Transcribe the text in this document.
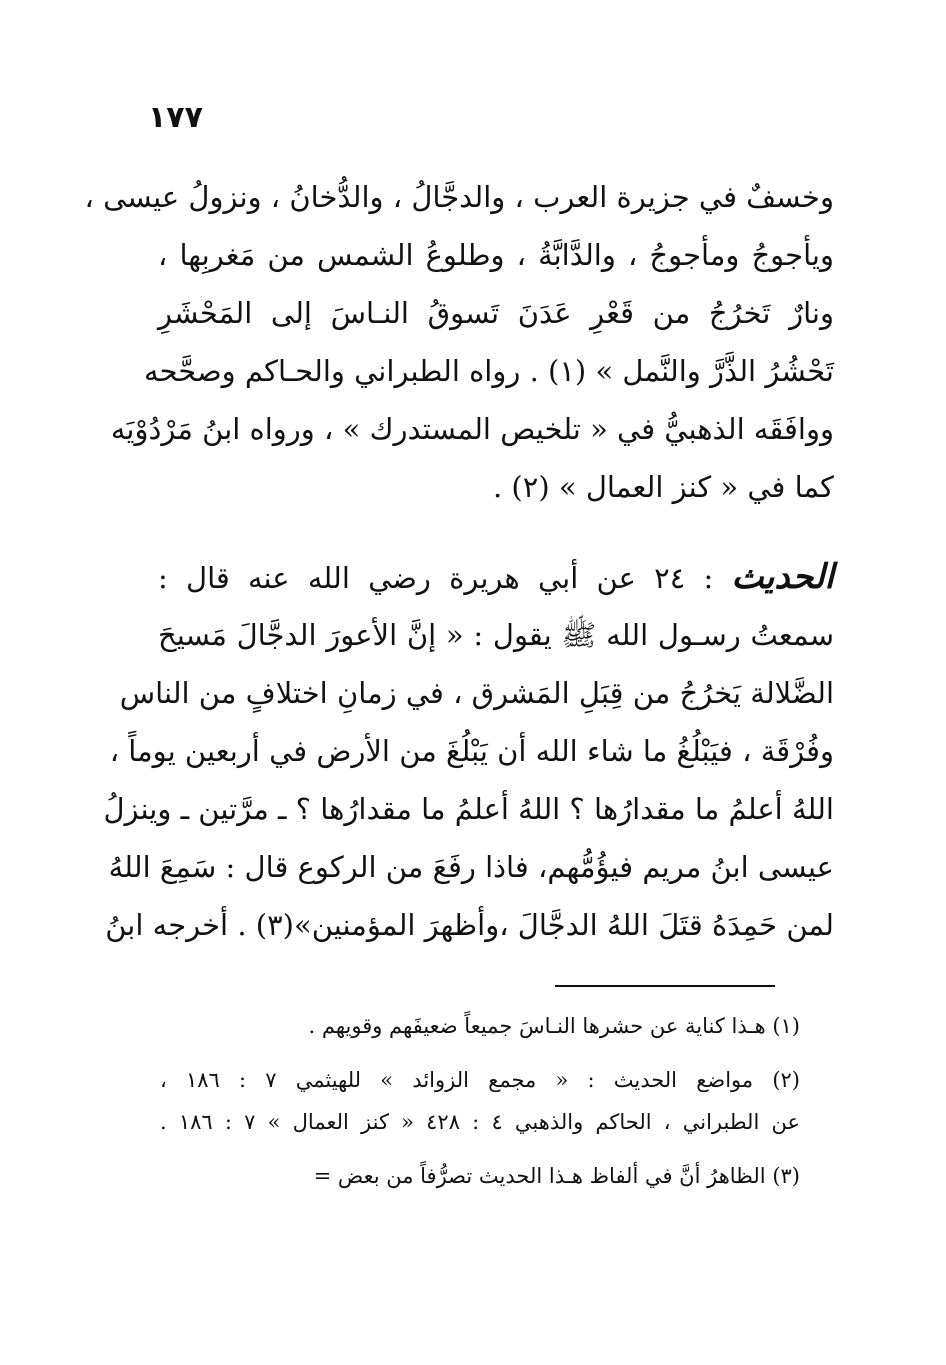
١٧٧
وخسفٌ في جزيرة العرب ، والدجَّالُ ، والدُّخانُ ، ونزولُ عيسى ،
ويأجوجُ ومأجوجُ ، والدَّابَّةُ ، وطلوعُ الشمس من مَغربِها ،
ونارٌ تَخرُجُ من قَعْرِ عَدَنَ تَسوقُ النـاسَ إلى المَحْشَرِ
تَحْشُرُ الذَّرَّ والنَّمل » (١) . رواه الطبراني والحـاكم وصحَّحه
ووافَقَه الذهبيُّ في « تلخيص المستدرك » ، ورواه ابنُ مَرْدُوْيَه
كما في « كنز العمال » (٢) .
الحديث : ٢٤ عن أبي هريرة رضي الله عنه قال :
سمعتُ رسـول الله ﷺ يقول : « إنَّ الأعورَ الدجَّالَ مَسيحَ
الضَّلالة يَخرُجُ من قِبَلِ المَشرق ، في زمانِ اختلافٍ من الناس
وفُرْقَة ، فيَبْلُغُ ما شاء الله أن يَبْلُغَ من الأرض في أربعين يوماً ،
اللهُ أعلمُ ما مقدارُها ؟ اللهُ أعلمُ ما مقدارُها ؟ ـ مرَّتين ـ وينزلُ
عيسى ابنُ مريم فيؤُمُّهم، فاذا رفَعَ من الركوع قال : سَمِعَ اللهُ
لمن حَمِدَهُ قتَلَ اللهُ الدجَّالَ ،وأظهرَ المؤمنين»(٣) . أخرجه ابنُ
(١) هـذا كناية عن حشرها النـاسَ جميعاً ضعيفَهم وقويهم .
(٢) مواضع الحديث : « مجمع الزوائد » للهيثمي ٧ : ١٨٦ ،
عن الطبراني ، الحاكم والذهبي ٤ : ٤٢٨ « كنز العمال » ٧ : ١٨٦ .
(٣) الظاهرُ أنَّ في ألفاظ هـذا الحديث تصرُّفاً من بعض =
